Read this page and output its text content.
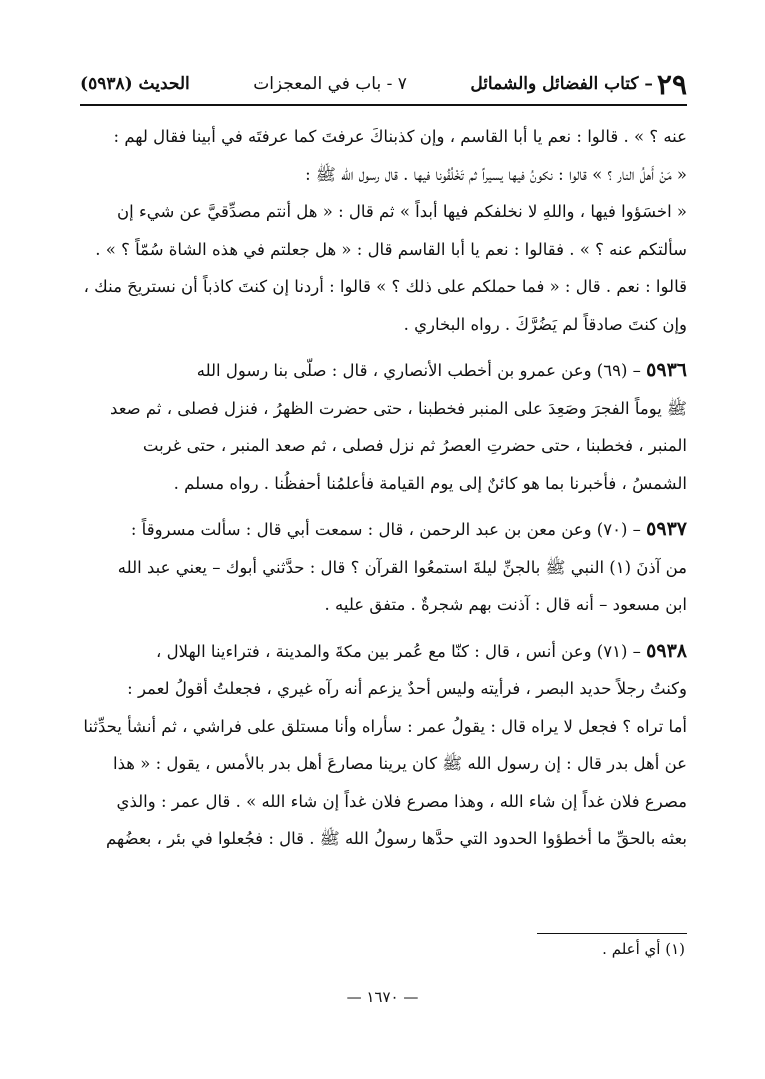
٢٩
– كتاب الفضائل والشمائل
٧ - باب في المعجزات
الحديث (٥٩٣٨)
عنه ؟ » . قالوا : نعم يا أبا القاسم ، وإن كذبناكَ عرفتَ كما عرفتَه في أبينا فقال لهم :
« مَنْ أَهلُ النار ؟ » قالوا : نكونُ فيها يسيراً ثم تَخْلُفُونا فيها . قال رسول الله ﷺ :
« اخسَؤوا فيها ، واللهِ لا نخلفكم فيها أبداً » ثم قال : « هل أنتم مصدِّقيَّ عن شيء إن
سألتكم عنه ؟ » . فقالوا : نعم يا أبا القاسم قال : « هل جعلتم في هذه الشاة سُمّاً ؟ » .
قالوا : نعم . قال : « فما حملكم على ذلك ؟ » قالوا : أردنا إن كنتَ كاذباً أن نستريحَ منك ،
وإن كنتَ صادقاً لم يَضُرَّكَ . رواه البخاري .
٥٩٣٦ – (٦٩) وعن عمرو بن أخطب الأنصاري ، قال : صلّى بنا رسول الله
ﷺ يوماً الفجرَ وصَعِدَ على المنبر فخطبنا ، حتى حضرت الظهرُ ، فنزل فصلى ، ثم صعد
المنبر ، فخطبنا ، حتى حضرتِ العصرُ ثم نزل فصلى ، ثم صعد المنبر ، حتى غربت
الشمسُ ، فأخبرنا بما هو كائنٌ إلى يوم القيامة فأعلمُنا أحفظُنا . رواه مسلم .
٥٩٣٧ – (٧٠) وعن معن بن عبد الرحمن ، قال : سمعت أبي قال : سألت مسروقاً :
من آذنَ (١) النبي ﷺ بالجنِّ ليلةَ استمعُوا القرآن ؟ قال : حدَّثني أبوك – يعني عبد الله
ابن مسعود – أنه قال : آذنت بهم شجرةٌ . متفق عليه .
٥٩٣٨ – (٧١) وعن أنس ، قال : كنّا مع عُمر بين مكةَ والمدينة ، فتراءينا الهلال ،
وكنتُ رجلاً حديد البصر ، فرأيته وليس أحدٌ يزعم أنه رآه غيري ، فجعلتُ أقولُ لعمر :
أما تراه ؟ فجعل لا يراه قال : يقولُ عمر : سأراه وأنا مستلق على فراشي ، ثم أنشأ يحدِّثنا
عن أهل بدر قال : إن رسول الله ﷺ كان يرينا مصارعَ أهل بدر بالأمس ، يقول : « هذا
مصرع فلان غداً إن شاء الله ، وهذا مصرع فلان غداً إن شاء الله » . قال عمر : والذي
بعثه بالحقِّ ما أخطؤوا الحدود التي حدَّها رسولُ الله ﷺ . قال : فجُعلوا في بئر ، بعضُهم
(١) أي أعلم .
— ١٦٧٠ —
